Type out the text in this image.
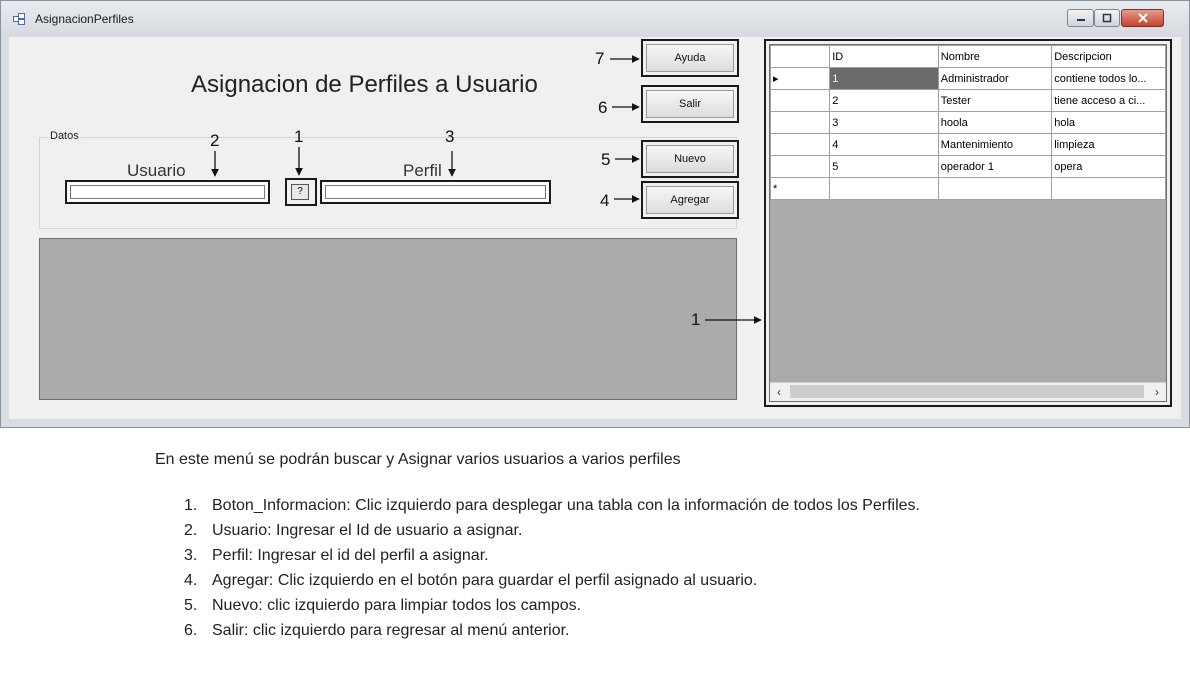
AsignacionPerfiles
Asignacion de Perfiles a Usuario
Datos
Usuario	Perfil
?
Ayuda
Salir
Nuevo
Agregar
7
6
5
4
2	1	3
1
	ID	Nombre	Descripcion
▸	1	Administrador	contiene todos lo...
	2	Tester	tiene acceso a ci...
	3	hoola	hola
	4	Mantenimiento	limpieza
	5	operador 1	opera
*			
‹	›
En este menú se podrán buscar y Asignar varios usuarios a varios perfiles
1. Boton_Informacion: Clic izquierdo para desplegar una tabla con la información de todos los Perfiles.
2. Usuario: Ingresar el Id de usuario a asignar.
3. Perfil: Ingresar el id del perfil a asignar.
4. Agregar: Clic izquierdo en el botón para guardar el perfil asignado al usuario.
5. Nuevo: clic izquierdo para limpiar todos los campos.
6. Salir: clic izquierdo para regresar al menú anterior.
